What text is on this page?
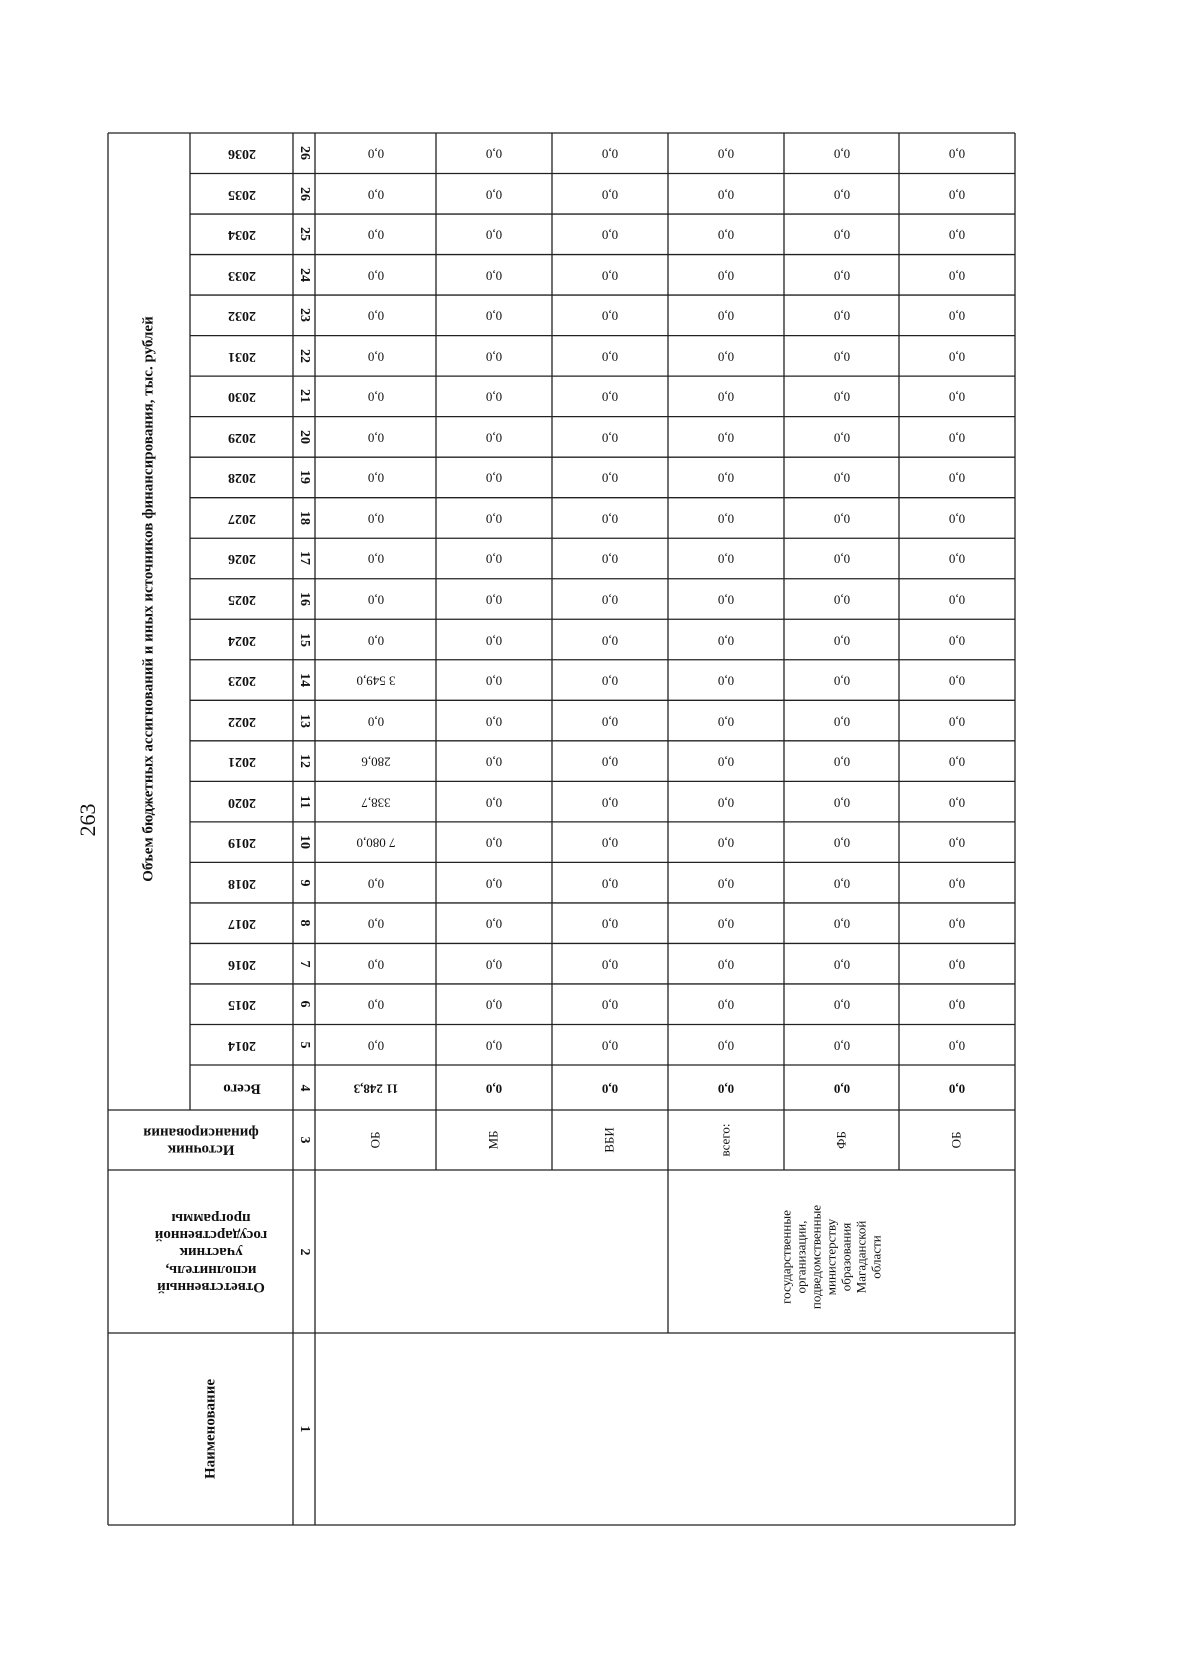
263	Объем бюджетных ассигнований и иных источников финансирования, тыс. рублей
Всего
Источник
финансирования
Ответственный
исполнитель,
участник
государственной
программы
Наименование
2014
2015
2016
2017
2018
2019
2020
2021
2022
2023
2024
2025
2026
2027
2028
2029
2030
2031
2032
2033
2034
2035
2036
1
2
3
4
5
6
7
8
9
10
11
12
13
14
15
16
17
18
19
20
21
22
23
24
25
26
26
ОБ
11 248,3
0,0
0,0
0,0
0,0
0,0
7 080,0
338,7
280,6
0,0
3 549,0
0,0
0,0
0,0
0,0
0,0
0,0
0,0
0,0
0,0
0,0
0,0
0,0
0,0
МБ
0,0
0,0
0,0
0,0
0,0
0,0
0,0
0,0
0,0
0,0
0,0
0,0
0,0
0,0
0,0
0,0
0,0
0,0
0,0
0,0
0,0
0,0
0,0
0,0
ВБИ
0,0
0,0
0,0
0,0
0,0
0,0
0,0
0,0
0,0
0,0
0,0
0,0
0,0
0,0
0,0
0,0
0,0
0,0
0,0
0,0
0,0
0,0
0,0
0,0
всего:
0,0
0,0
0,0
0,0
0,0
0,0
0,0
0,0
0,0
0,0
0,0
0,0
0,0
0,0
0,0
0,0
0,0
0,0
0,0
0,0
0,0
0,0
0,0
0,0
ФБ
0,0
0,0
0,0
0,0
0,0
0,0
0,0
0,0
0,0
0,0
0,0
0,0
0,0
0,0
0,0
0,0
0,0
0,0
0,0
0,0
0,0
0,0
0,0
0,0
ОБ
0,0
0,0
0,0
0,0
0,0
0,0
0,0
0,0
0,0
0,0
0,0
0,0
0,0
0,0
0,0
0,0
0,0
0,0
0,0
0,0
0,0
0,0
0,0
0,0
государственные организации, подведомственные министерству образования Магаданской области
